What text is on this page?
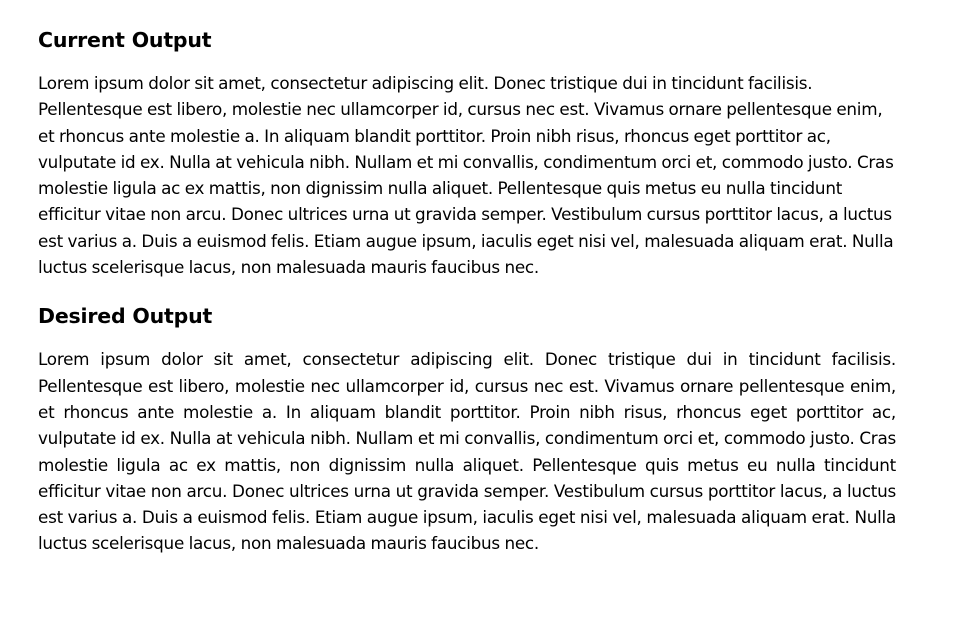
Current Output

Lorem ipsum dolor sit amet, consectetur adipiscing elit. Donec tristique dui in tincidunt facilisis. Pellentesque est libero, molestie nec ullamcorper id, cursus nec est. Vivamus ornare pellentesque enim, et rhoncus ante molestie a. In aliquam blandit porttitor. Proin nibh risus, rhoncus eget porttitor ac, vulputate id ex. Nulla at vehicula nibh. Nullam et mi convallis, condimentum orci et, commodo justo. Cras molestie ligula ac ex mattis, non dignissim nulla aliquet. Pellentesque quis metus eu nulla tincidunt efficitur vitae non arcu. Donec ultrices urna ut gravida semper. Vestibulum cursus porttitor lacus, a luctus est varius a. Duis a euismod felis. Etiam augue ipsum, iaculis eget nisi vel, malesuada aliquam erat. Nulla luctus scelerisque lacus, non malesuada mauris faucibus nec.

Desired Output

Lorem ipsum dolor sit amet, consectetur adipiscing elit. Donec tristique dui in tincidunt facilisis. Pellentesque est libero, molestie nec ullamcorper id, cursus nec est. Vivamus ornare pellentesque enim, et rhoncus ante molestie a. In aliquam blandit porttitor. Proin nibh risus, rhoncus eget porttitor ac, vulputate id ex. Nulla at vehicula nibh. Nullam et mi convallis, condimentum orci et, commodo justo. Cras molestie ligula ac ex mattis, non dignissim nulla aliquet. Pellentesque quis metus eu nulla tincidunt efficitur vitae non arcu. Donec ultrices urna ut gravida semper. Vestibulum cursus porttitor lacus, a luctus est varius a. Duis a euismod felis. Etiam augue ipsum, iaculis eget nisi vel, malesuada aliquam erat. Nulla luctus scelerisque lacus, non malesuada mauris faucibus nec.
